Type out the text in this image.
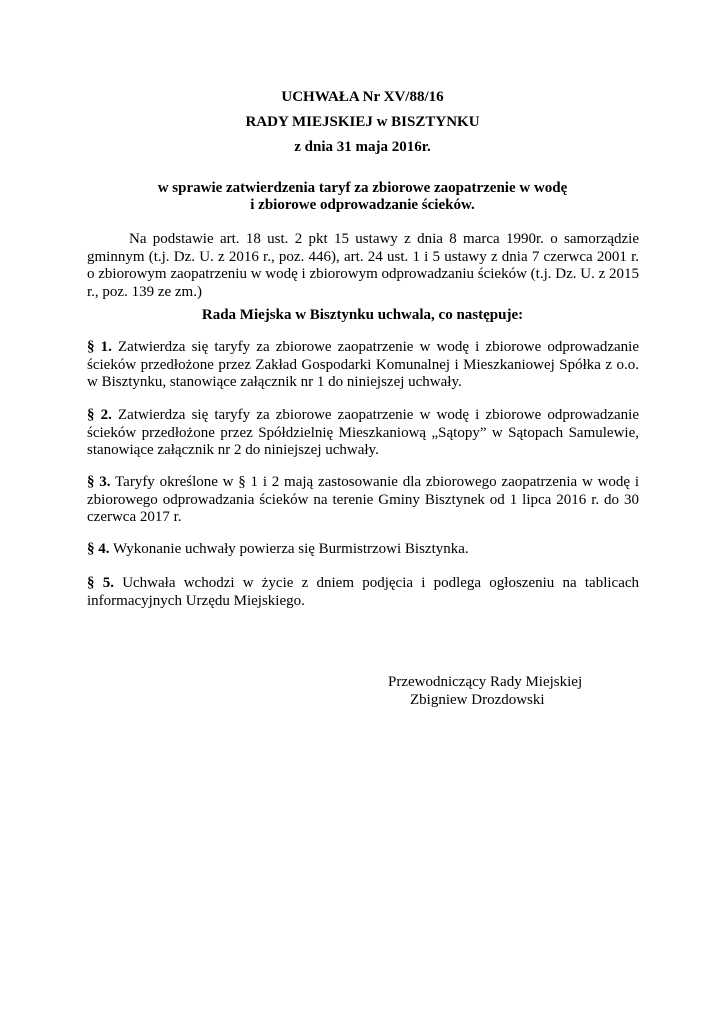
UCHWAŁA Nr XV/88/16
RADY MIEJSKIEJ w BISZTYNKU
z dnia 31 maja 2016r.
w sprawie zatwierdzenia taryf za zbiorowe zaopatrzenie w wodę
i zbiorowe odprowadzanie ścieków.
Na podstawie art. 18 ust. 2 pkt 15 ustawy z dnia 8 marca 1990r. o samorządzie gminnym (t.j. Dz. U. z 2016 r., poz. 446), art. 24 ust. 1 i 5 ustawy z dnia 7 czerwca 2001 r. o zbiorowym zaopatrzeniu w wodę i zbiorowym odprowadzaniu ścieków (t.j. Dz. U. z 2015 r., poz. 139 ze zm.)
Rada Miejska w Bisztynku uchwala, co następuje:
§ 1. Zatwierdza się taryfy za zbiorowe zaopatrzenie w wodę i zbiorowe odprowadzanie ścieków przedłożone przez Zakład Gospodarki Komunalnej i Mieszkaniowej Spółka z o.o. w Bisztynku, stanowiące załącznik nr 1 do niniejszej uchwały.
§ 2. Zatwierdza się taryfy za zbiorowe zaopatrzenie w wodę i zbiorowe odprowadzanie ścieków przedłożone przez Spółdzielnię Mieszkaniową „Sątopy” w Sątopach Samulewie, stanowiące załącznik nr 2 do niniejszej uchwały.
§ 3. Taryfy określone w § 1 i 2 mają zastosowanie dla zbiorowego zaopatrzenia w wodę i zbiorowego odprowadzania ścieków na terenie Gminy Bisztynek od 1 lipca 2016 r. do 30 czerwca 2017 r.
§ 4. Wykonanie uchwały powierza się Burmistrzowi Bisztynka.
§ 5. Uchwała wchodzi w życie z dniem podjęcia i podlega ogłoszeniu na tablicach informacyjnych Urzędu Miejskiego.
Przewodniczący Rady Miejskiej
Zbigniew Drozdowski
